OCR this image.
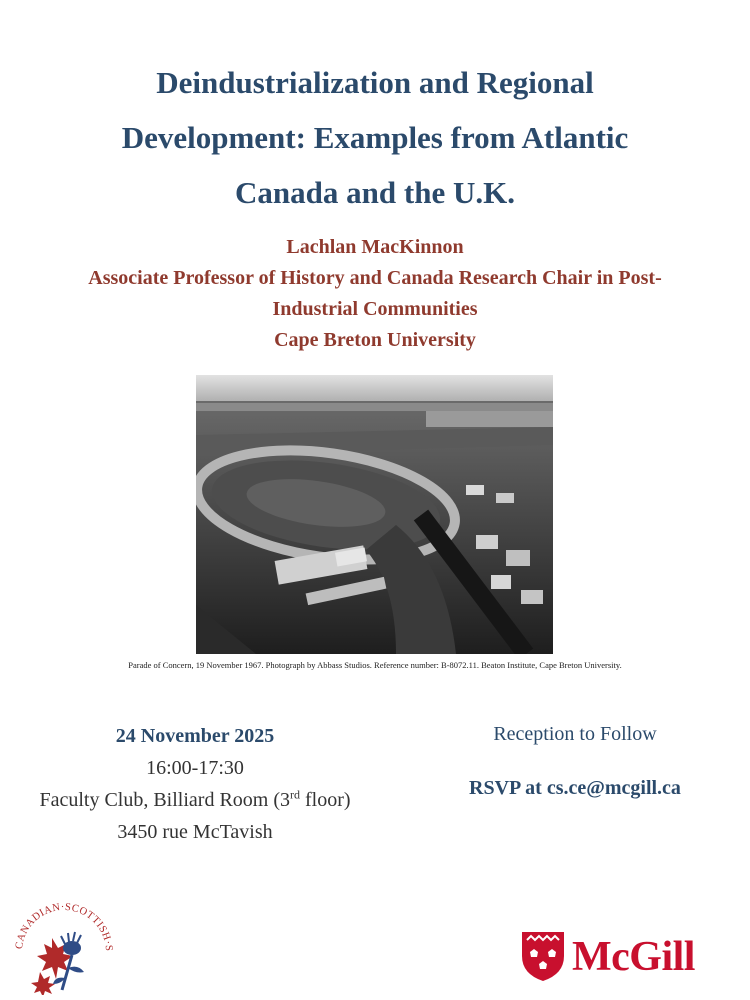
Deindustrialization and Regional
Development: Examples from Atlantic
Canada and the U.K.
Lachlan MacKinnon
Associate Professor of History and Canada Research Chair in Post-
Industrial Communities
Cape Breton University
Parade of Concern, 19 November 1967. Photograph by Abbass Studios. Reference number: B-8072.11. Beaton Institute, Cape Breton University.
24 November 2025
16:00-17:30
Faculty Club, Billiard Room (3rd floor)
3450 rue McTavish
Reception to Follow
RSVP at cs.ce@mcgill.ca
CANADIAN·SCOTTISH·S	McGill
